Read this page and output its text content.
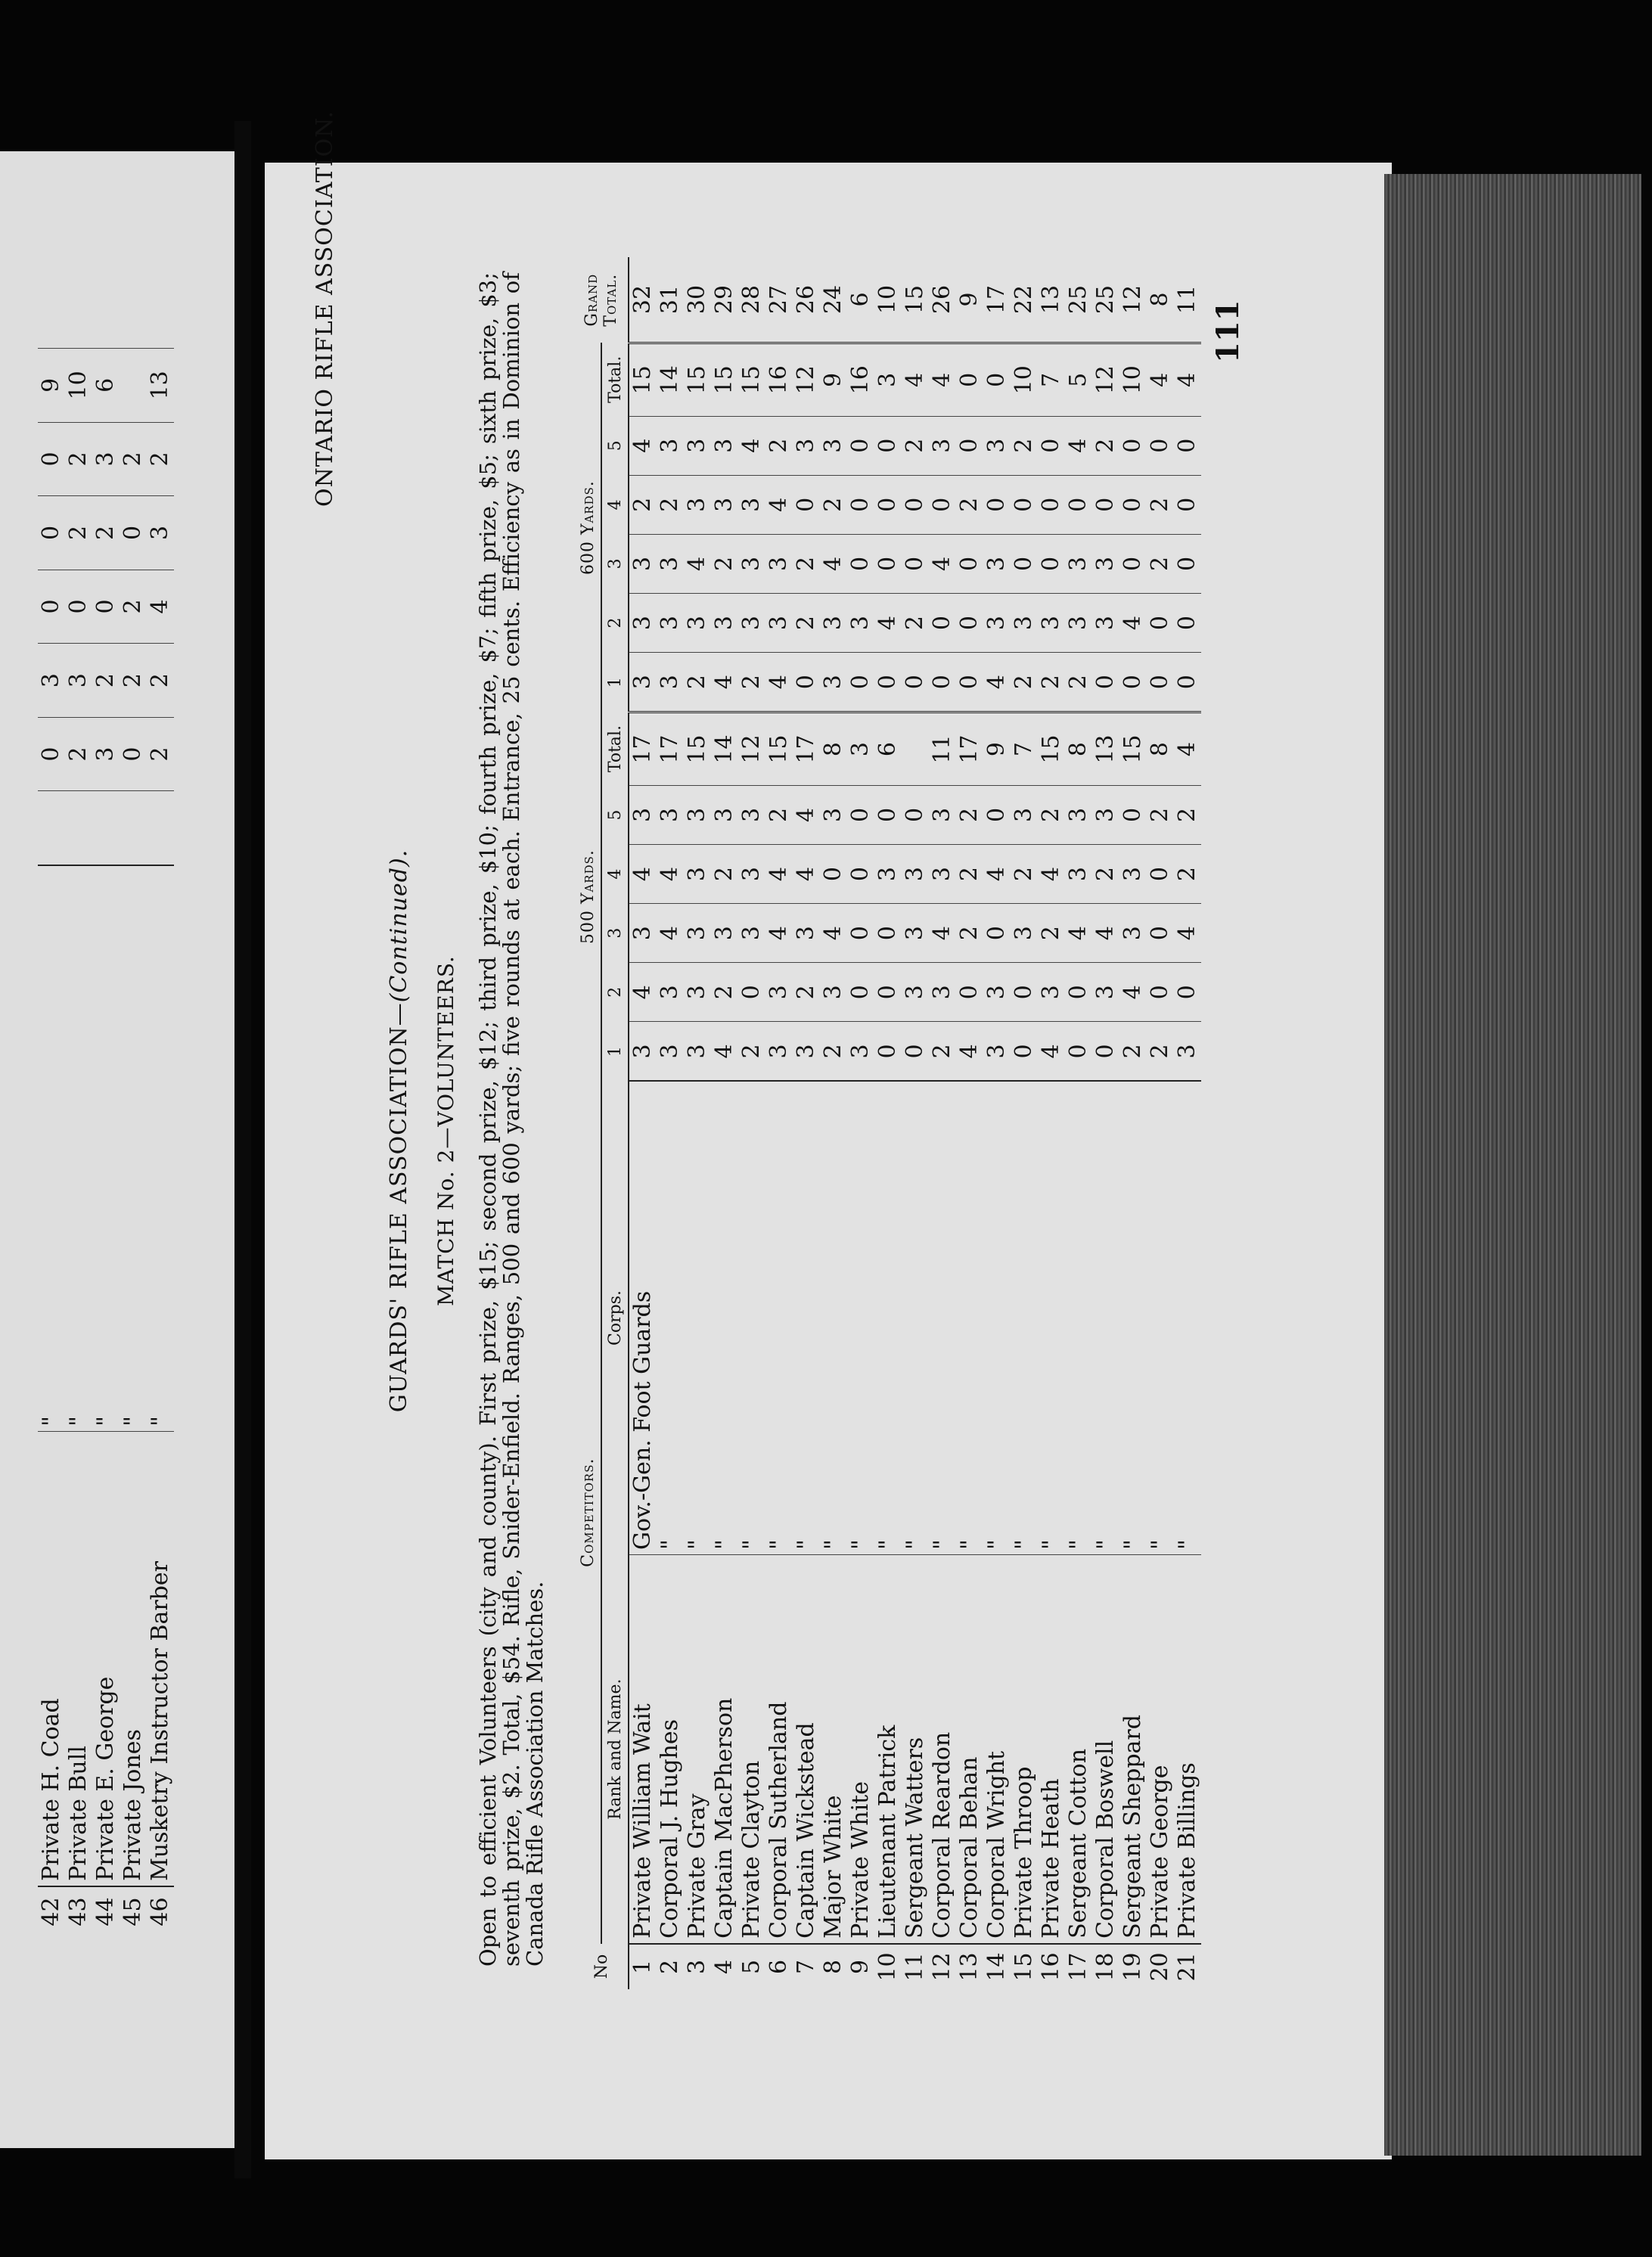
42	Private H. Coad	"		0	3	0	0	0	9
43	Private Bull	"		2	3	0	2	2	10
44	Private E. George	"		3	2	0	2	3	6
45	Private Jones	"		0	2	2	0	2	
46	Musketry Instructor Barber	"		2	2	4	3	2	13	ONTARIO RIFLE ASSOCIATION.
GUARDS' RIFLE ASSOCIATION—(Continued).
MATCH No. 2—VOLUNTEERS. Open to efficient Volunteers (city and county). First prize, $15; second prize, $12; third prize, $10; fourth prize, $7; fifth prize, $5; sixth prize, $3; seventh prize, $2. Total, $54. Rifle, Snider-Enfield. Ranges, 500 and 600 yards; five rounds at each. Entrance, 25 cents. Efficiency as in Dominion of Canada Rifle Association Matches.	No	Competitors.		500 Yards.						600 Yards.						Grand Total.
	Rank and Name.	Corps.	1	2	3	4	5	Total.	1	2	3	4	5	Total.	
1	Private William Wait	Gov.-Gen. Foot Guards	3	4	3	4	3	17	3	3	3	2	4	15	32
2	Corporal J. Hughes	"	3	3	4	4	3	17	3	3	3	2	3	14	31
3	Private Gray	"	3	3	3	3	3	15	2	3	4	3	3	15	30
4	Captain MacPherson	"	4	2	3	2	3	14	4	3	2	3	3	15	29
5	Private Clayton	"	2	0	3	3	3	12	2	3	3	3	4	15	28
6	Corporal Sutherland	"	3	3	4	4	2	15	4	3	3	4	2	16	27
7	Captain Wickstead	"	3	2	3	4	4	17	0	2	2	0	3	12	26
8	Major White	"	2	3	4	0	3	8	3	3	4	2	3	9	24
9	Private White	"	3	0	0	0	0	3	0	3	0	0	0	16	6
10	Lieutenant Patrick	"	0	0	0	3	0	6	0	4	0	0	0	3	10
11	Sergeant Watters	"	0	3	3	3	0		0	2	0	0	2	4	15
12	Corporal Reardon	"	2	3	4	3	3	11	0	0	4	0	3	4	26
13	Corporal Behan	"	4	0	2	2	2	17	0	0	0	2	0	0	9
14	Corporal Wright	"	3	3	0	4	0	9	4	3	3	0	3	0	17
15	Private Throop	"	0	0	3	2	3	7	2	3	0	0	2	10	22
16	Private Heath	"	4	3	2	4	2	15	2	3	0	0	0	7	13
17	Sergeant Cotton	"	0	0	4	3	3	8	2	3	3	0	4	5	25
18	Corporal Boswell	"	0	3	4	2	3	13	0	3	3	0	2	12	25
19	Sergeant Sheppard	"	2	4	3	3	0	15	0	4	0	0	0	10	12
20	Private George	"	2	0	0	0	2	8	0	0	2	2	0	4	8
21	Private Billings	"	3	0	4	2	2	4	0	0	0	0	0	4	11
111
